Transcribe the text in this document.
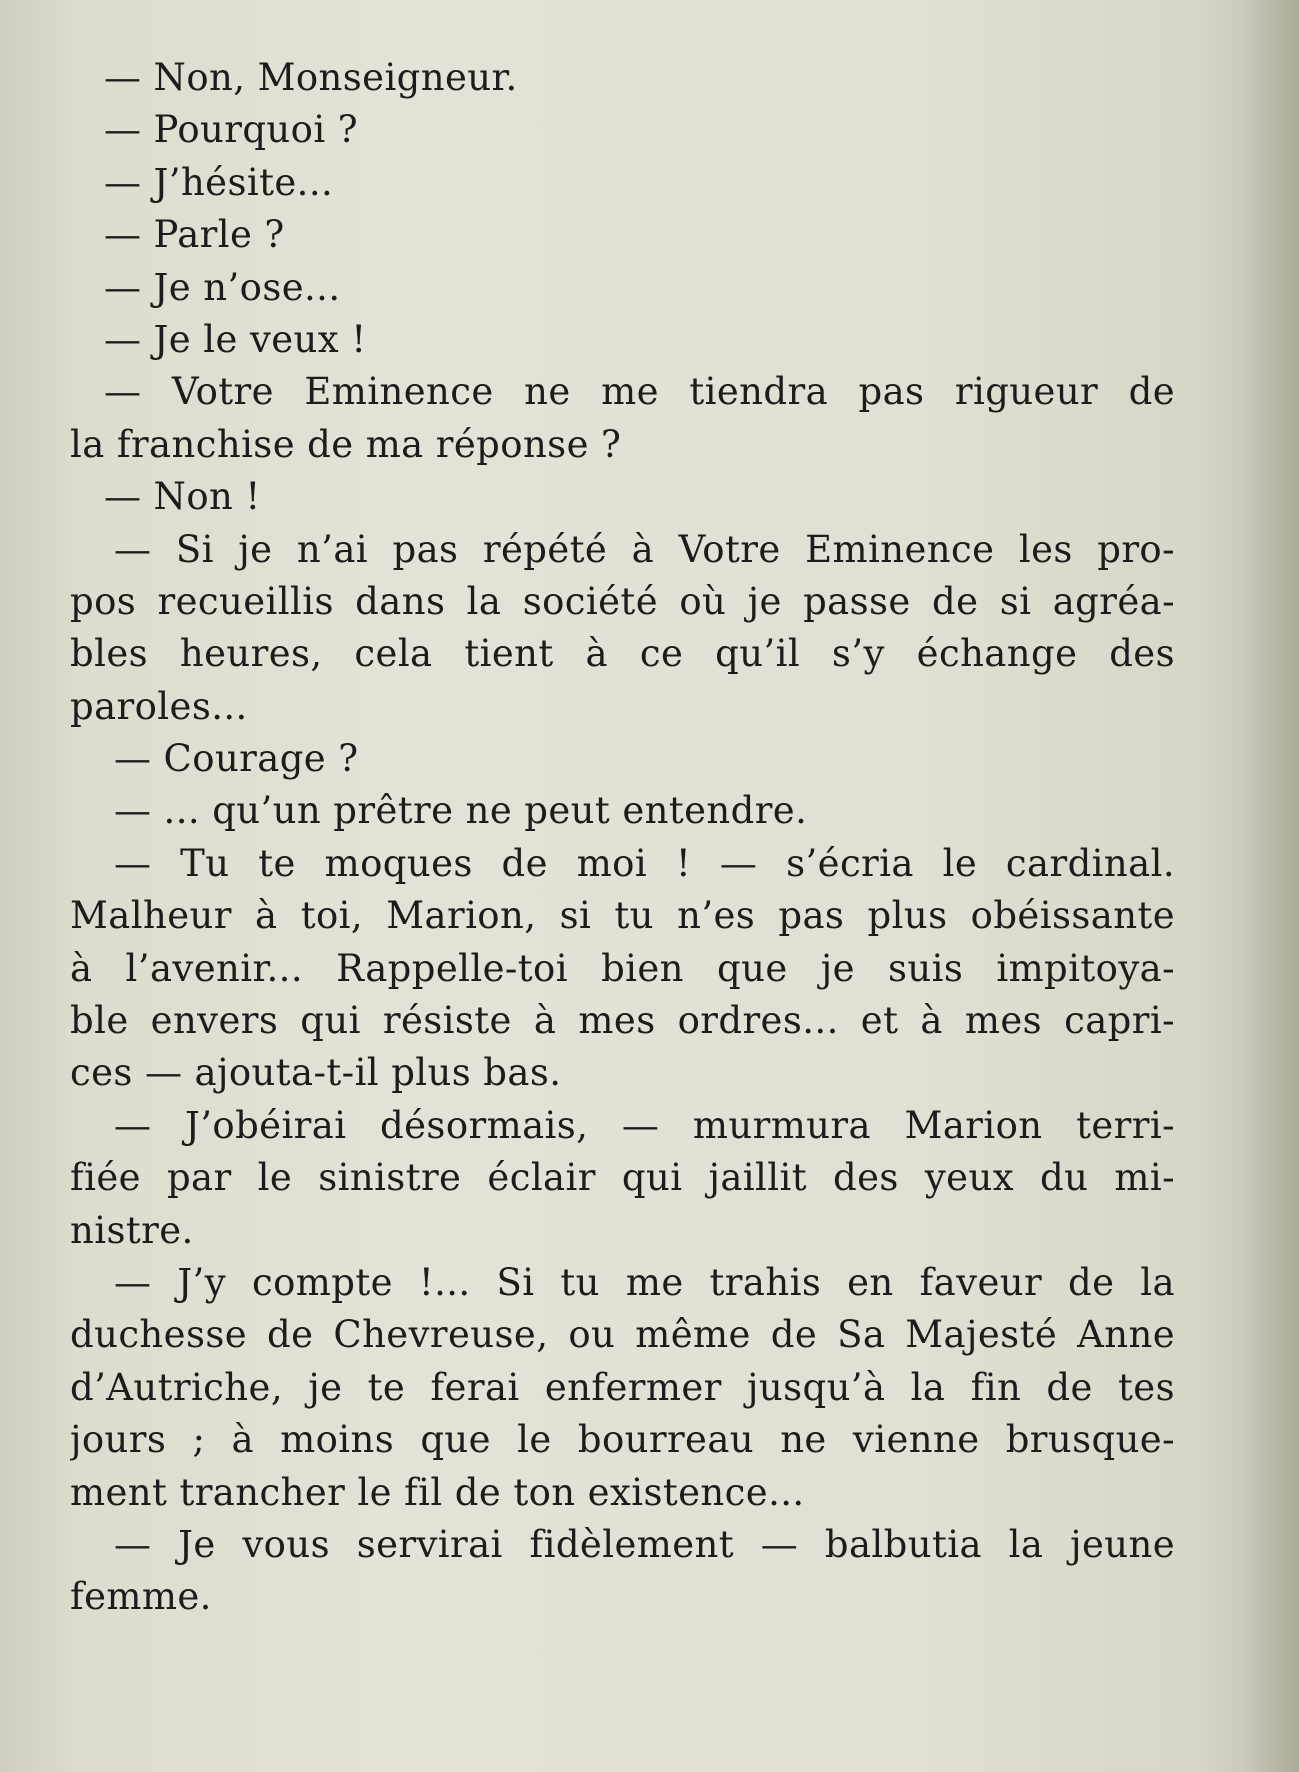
— Non, Monseigneur.
— Pourquoi ?
— J’hésite...
— Parle ?
— Je n’ose...
— Je le veux !
— Votre Eminence ne me tiendra pas rigueur de
la franchise de ma réponse ?
— Non !
— Si je n’ai pas répété à Votre Eminence les pro-
pos recueillis dans la société où je passe de si agréa-
bles heures, cela tient à ce qu’il s’y échange des
paroles...
— Courage ?
— ... qu’un prêtre ne peut entendre.
— Tu te moques de moi ! — s’écria le cardinal.
Malheur à toi, Marion, si tu n’es pas plus obéissante
à l’avenir... Rappelle-toi bien que je suis impitoya-
ble envers qui résiste à mes ordres... et à mes capri-
ces — ajouta-t-il plus bas.
— J’obéirai désormais, — murmura Marion terri-
fiée par le sinistre éclair qui jaillit des yeux du mi-
nistre.
— J’y compte !... Si tu me trahis en faveur de la
duchesse de Chevreuse, ou même de Sa Majesté Anne
d’Autriche, je te ferai enfermer jusqu’à la fin de tes
jours ; à moins que le bourreau ne vienne brusque-
ment trancher le fil de ton existence...
— Je vous servirai fidèlement — balbutia la jeune
femme.
